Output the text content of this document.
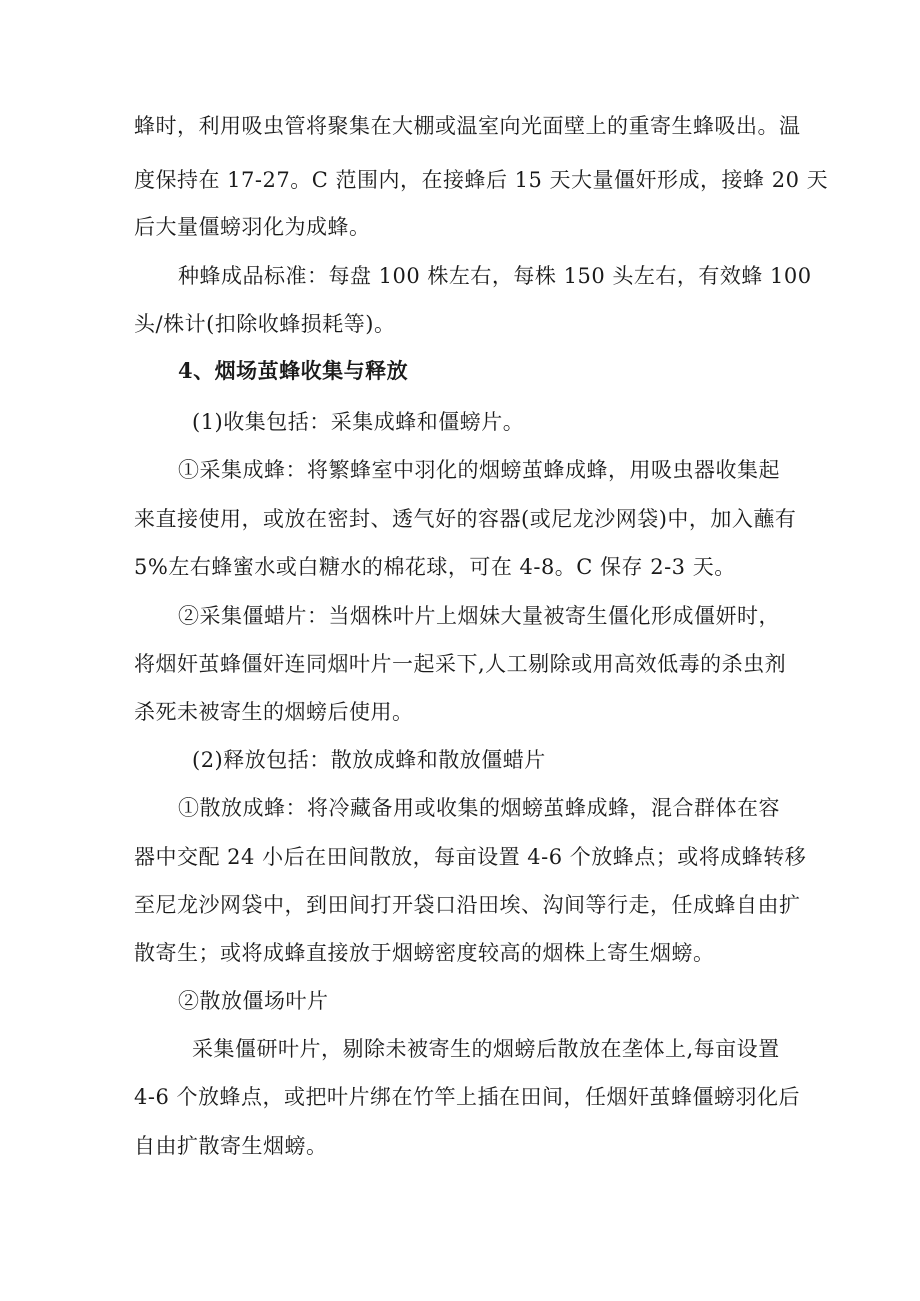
蜂时，利用吸虫管将聚集在大棚或温室向光面壁上的重寄生蜂吸出。温
度保持在 17-27。C 范围内，在接蜂后 15 天大量僵奸形成，接蜂 20 天
后大量僵螃羽化为成蜂。
种蜂成品标准：每盘 100 株左右，每株 150 头左右，有效蜂 100
头/株计(扣除收蜂损耗等)。
4、烟场茧蜂收集与释放
(1)收集包括：采集成蜂和僵螃片。
①采集成蜂：将繁蜂室中羽化的烟螃茧蜂成蜂，用吸虫器收集起
来直接使用，或放在密封、透气好的容器(或尼龙沙网袋)中，加入蘸有
5%左右蜂蜜水或白糖水的棉花球，可在 4-8。C 保存 2-3 天。
②采集僵蜡片：当烟株叶片上烟妹大量被寄生僵化形成僵妍时，
将烟奸茧蜂僵奸连同烟叶片一起采下,人工剔除或用高效低毒的杀虫剂
杀死未被寄生的烟螃后使用。
(2)释放包括：散放成蜂和散放僵蜡片
①散放成蜂：将冷藏备用或收集的烟螃茧蜂成蜂，混合群体在容
器中交配 24 小后在田间散放，每亩设置 4-6 个放蜂点；或将成蜂转移
至尼龙沙网袋中，到田间打开袋口沿田埃、沟间等行走，任成蜂自由扩
散寄生；或将成蜂直接放于烟螃密度较高的烟株上寄生烟螃。
②散放僵场叶片
采集僵研叶片，剔除未被寄生的烟螃后散放在垄体上,每亩设置
4-6 个放蜂点，或把叶片绑在竹竿上插在田间，任烟奸茧蜂僵螃羽化后
自由扩散寄生烟螃。
